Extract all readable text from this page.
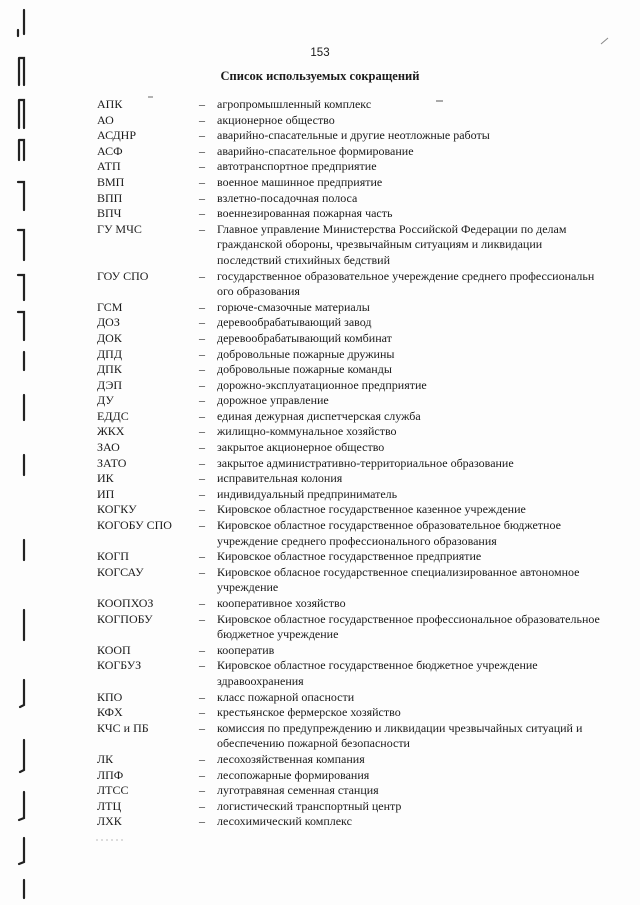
153
Список используемых сокращений
АПК	– агропромышленный комплекс
АО	– акционерное общество
АСДНР	– аварийно-спасательные и другие неотложные работы
АСФ	– аварийно-спасательное формирование
АТП	– автотранспортное предприятие
ВМП	– военное машинное предприятие
ВПП	– взлетно-посадочная полоса
ВПЧ	– военнезированная пожарная часть
ГУ МЧС	– Главное управление Министерства Российской Федерации по делам гражданской обороны, чрезвычайным ситуациям и ликвидации последствий стихийных бедствий
ГОУ СПО	– государственное образовательное учереждение среднего профессиональн ого образования
ГСМ	– горюче-смазочные материалы
ДОЗ	– деревообрабатывающий завод
ДОК	– деревообрабатывающий комбинат
ДПД	– добровольные пожарные дружины
ДПК	– добровольные пожарные команды
ДЭП	– дорожно-эксплуатационное предприятие
ДУ	– дорожное управление
ЕДДС	– единая дежурная диспетчерская служба
ЖКХ	– жилищно-коммунальное хозяйство
ЗАО	– закрытое акционерное общество
ЗАТО	– закрытое административно-территориальное образование
ИК	– исправительная колония
ИП	– индивидуальный предприниматель
КОГКУ	– Кировское областное государственное казенное учреждение
КОГОБУ СПО – Кировское областное государственное образовательное бюджетное учреждение среднего профессионального образования
КОГП	– Кировское областное государственное предприятие
КОГСАУ	– Кировское обласное государственное специализированное автономное учреждение
КООПХОЗ	– кооперативное хозяйство
КОГПОБУ	– Кировское областное государственное профессиональное образовательное бюджетное учреждение
КООП	– кооператив
КОГБУЗ	– Кировское областное государственное бюджетное учреждение здравоохранения
КПО	– класс пожарной опасности
КФХ	– крестьянское фермерское хозяйство
КЧС и ПБ	– комиссия по предупреждению и ликвидации чрезвычайных ситуаций и обеспечению пожарной безопасности
ЛК	– лесохозяйственная компания
ЛПФ	– лесопожарные формирования
ЛТСС	– луготравяная семенная станция
ЛТЦ	– логистический транспортный центр
ЛХК	– лесохимический комплекс
